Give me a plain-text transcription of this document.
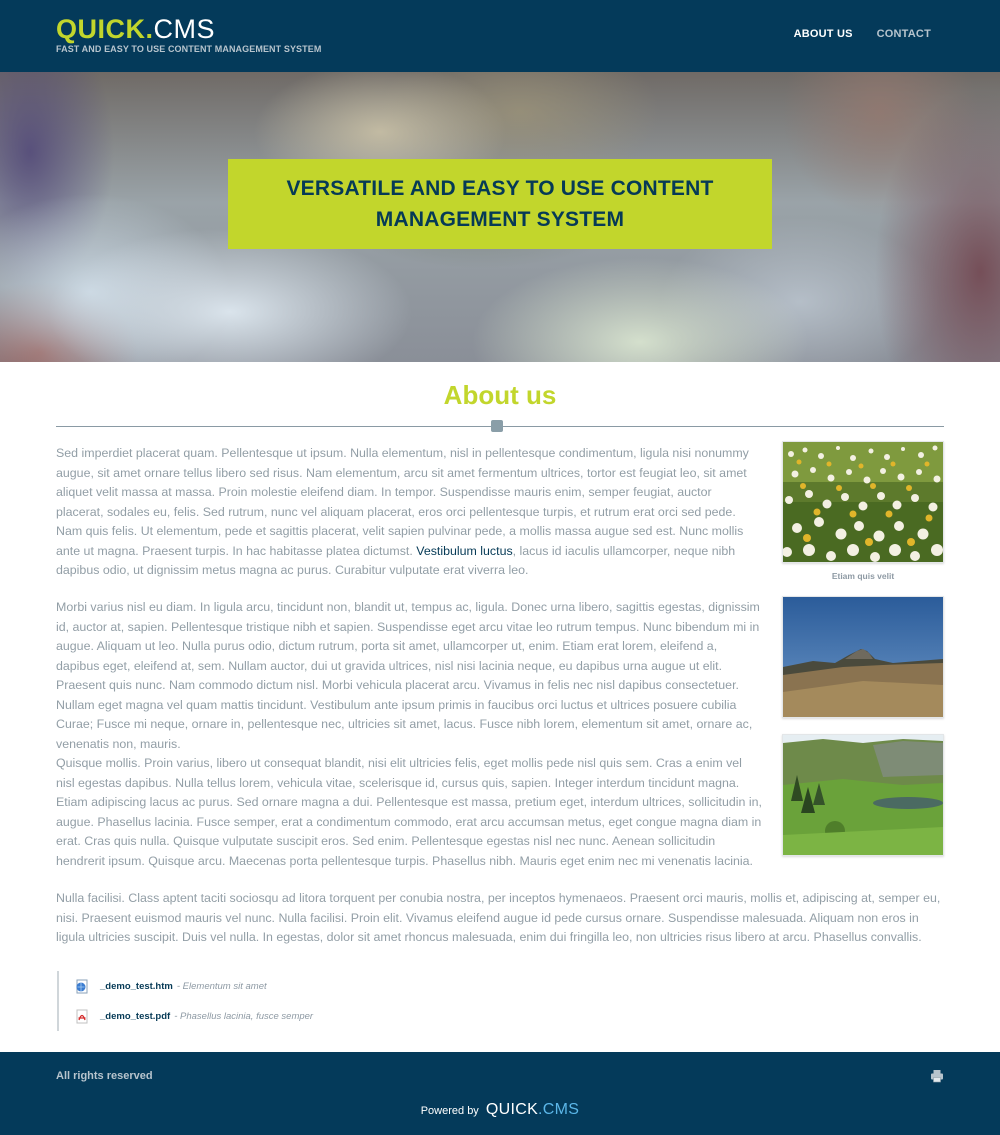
QUICK.CMS
FAST AND EASY TO USE CONTENT MANAGEMENT SYSTEM
ABOUT US CONTACT
VERSATILE AND EASY TO USE CONTENT MANAGEMENT SYSTEM
About us

Sed imperdiet placerat quam. Pellentesque ut ipsum. Nulla elementum, nisl in pellentesque condimentum, ligula nisi nonummy augue, sit amet ornare tellus libero sed risus. Nam elementum, arcu sit amet fermentum ultrices, tortor est feugiat leo, sit amet aliquet velit massa at massa. Proin molestie eleifend diam. In tempor. Suspendisse mauris enim, semper feugiat, auctor placerat, sodales eu, felis. Sed rutrum, nunc vel aliquam placerat, eros orci pellentesque turpis, et rutrum erat orci sed pede. Nam quis felis. Ut elementum, pede et sagittis placerat, velit sapien pulvinar pede, a mollis massa augue sed est. Nunc mollis ante ut magna. Praesent turpis. In hac habitasse platea dictumst. Vestibulum luctus, lacus id iaculis ullamcorper, neque nibh dapibus odio, ut dignissim metus magna ac purus. Curabitur vulputate erat viverra leo.

Morbi varius nisl eu diam. In ligula arcu, tincidunt non, blandit ut, tempus ac, ligula. Donec urna libero, sagittis egestas, dignissim id, auctor at, sapien. Pellentesque tristique nibh et sapien. Suspendisse eget arcu vitae leo rutrum tempus. Nunc bibendum mi in augue. Aliquam ut leo. Nulla purus odio, dictum rutrum, porta sit amet, ullamcorper ut, enim. Etiam erat lorem, eleifend a, dapibus eget, eleifend at, sem. Nullam auctor, dui ut gravida ultrices, nisl nisi lacinia neque, eu dapibus urna augue ut elit. Praesent quis nunc. Nam commodo dictum nisl. Morbi vehicula placerat arcu. Vivamus in felis nec nisl dapibus consectetuer. Nullam eget magna vel quam mattis tincidunt. Vestibulum ante ipsum primis in faucibus orci luctus et ultrices posuere cubilia Curae; Fusce mi neque, ornare in, pellentesque nec, ultricies sit amet, lacus. Fusce nibh lorem, elementum sit amet, ornare ac, venenatis non, mauris.

Quisque mollis. Proin varius, libero ut consequat blandit, nisi elit ultricies felis, eget mollis pede nisl quis sem. Cras a enim vel nisl egestas dapibus. Nulla tellus lorem, vehicula vitae, scelerisque id, cursus quis, sapien. Integer interdum tincidunt magna. Etiam adipiscing lacus ac purus. Sed ornare magna a dui. Pellentesque est massa, pretium eget, interdum ultrices, sollicitudin in, augue. Phasellus lacinia. Fusce semper, erat a condimentum commodo, erat arcu accumsan metus, eget congue magna diam in erat. Cras quis nulla. Quisque vulputate suscipit eros. Sed enim. Pellentesque egestas nisl nec nunc. Aenean sollicitudin hendrerit ipsum. Quisque arcu. Maecenas porta pellentesque turpis. Phasellus nibh. Mauris eget enim nec mi venenatis lacinia.

Nulla facilisi. Class aptent taciti sociosqu ad litora torquent per conubia nostra, per inceptos hymenaeos. Praesent orci mauris, mollis et, adipiscing at, semper eu, nisi. Praesent euismod mauris vel nunc. Nulla facilisi. Proin elit. Vivamus eleifend augue id pede cursus ornare. Suspendisse malesuada. Aliquam non eros in ligula ultricies suscipit. Duis vel nulla. In egestas, dolor sit amet rhoncus malesuada, enim dui fringilla leo, non ultricies risus libero at arcu. Phasellus convallis.

Etiam quis velit
_demo_test.htm - Elementum sit amet
_demo_test.pdf - Phasellus lacinia, fusce semper
All rights reserved
Powered by QUICK.CMS
